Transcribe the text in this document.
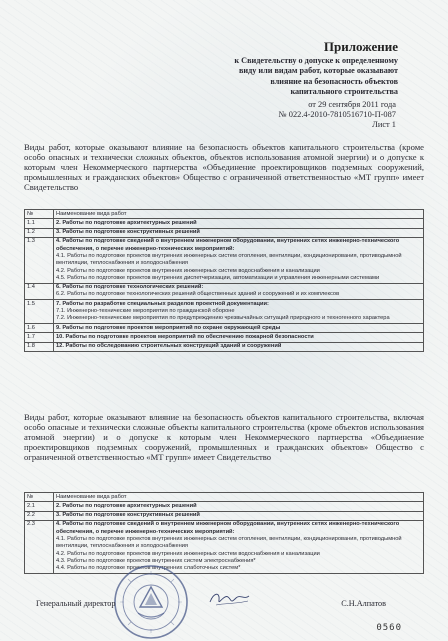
Приложение
к Свидетельству о допуске к определенному
виду или видам работ, которые оказывают
влияние на безопасность объектов
капитального строительства
от 29 сентября 2011 года
№ 022.4-2010-7810516710-П-087
Лист 1
Виды работ, которые оказывают влияние на безопасность объектов капитального строительства (кроме особо опасных и технически сложных объектов, объектов использования атомной энергии) и о допуске к которым член Некоммерческого партнерства «Объединение проектировщиков подземных сооружений, промышленных и гражданских объектов» Общество с ограниченной ответственностью «МТ групп» имеет Свидетельство
№	Наименование вида работ
1.1	2. Работы по подготовке архитектурных решений

1.2	3. Работы по подготовке конструктивных решений

1.3	4. Работы по подготовке сведений о внутреннем инженерном оборудовании, внутренних сетях инженерно-технического обеспечения, о перечне инженерно-технических мероприятий:
4.1. Работы по подготовке проектов внутренних инженерных систем отопления, вентиляции, кондиционирования, противодымной вентиляции, теплоснабжения и холодоснабжения
4.2. Работы по подготовке проектов внутренних инженерных систем водоснабжения и канализации
4.5. Работы по подготовке проектов внутренних диспетчеризации, автоматизации и управления инженерными системами

1.4	6. Работы по подготовке технологических решений:
6.2. Работы по подготовке технологических решений общественных зданий и сооружений и их комплексов

1.5	7. Работы по разработке специальных разделов проектной документации:
7.1. Инженерно-технические мероприятия по гражданской обороне
7.2. Инженерно-технические мероприятия по предупреждению чрезвычайных ситуаций природного и техногенного характера

1.6	9. Работы по подготовке проектов мероприятий по охране окружающей среды

1.7	10. Работы по подготовке проектов мероприятий по обеспечению пожарной безопасности

1.8	12. Работы по обследованию строительных конструкций зданий и сооружений
Виды работ, которые оказывают влияние на безопасность объектов капитального строительства, включая особо опасные и технически сложные объекты капитального строительства (кроме объектов использования атомной энергии) и о допуске к которым член Некоммерческого партнерства «Объединение проектировщиков подземных сооружений, промышленных и гражданских объектов» Общество с ограниченной ответственностью «МТ групп» имеет Свидетельство
№	Наименование вида работ
2.1	2. Работы по подготовке архитектурных решений

2.2	3. Работы по подготовке конструктивных решений

2.3	4. Работы по подготовке сведений о внутреннем инженерном оборудовании, внутренних сетях инженерно-технического обеспечения, о перечне инженерно-технических мероприятий:
4.1. Работы по подготовке проектов внутренних инженерных систем отопления, вентиляции, кондиционирования, противодымной вентиляции, теплоснабжения и холодоснабжения
4.2. Работы по подготовке проектов внутренних инженерных систем водоснабжения и канализации
4.3. Работы по подготовке проектов внутренних систем электроснабжения*
4.4. Работы по подготовке проектов внутренних слаботочных систем*
Генеральный директор	С.Н.Алпатов
0560
